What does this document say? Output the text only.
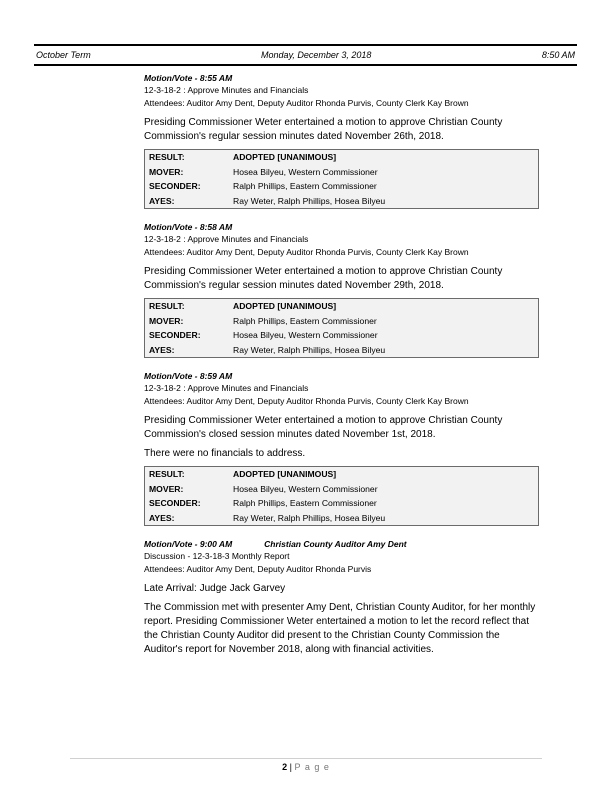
October Term	Monday, December 3, 2018	8:50 AM
Motion/Vote - 8:55 AM
12-3-18-2 : Approve Minutes and Financials
Attendees: Auditor Amy Dent, Deputy Auditor Rhonda Purvis, County Clerk Kay Brown
Presiding Commissioner Weter entertained a motion to approve Christian County Commission's regular session minutes dated November 26th, 2018.
RESULT:	ADOPTED [UNANIMOUS]
MOVER:	Hosea Bilyeu, Western Commissioner
SECONDER:	Ralph Phillips, Eastern Commissioner
AYES:	Ray Weter, Ralph Phillips, Hosea Bilyeu
Motion/Vote - 8:58 AM
12-3-18-2 : Approve Minutes and Financials
Attendees: Auditor Amy Dent, Deputy Auditor Rhonda Purvis, County Clerk Kay Brown
Presiding Commissioner Weter entertained a motion to approve Christian County Commission's regular session minutes dated November 29th, 2018.
RESULT:	ADOPTED [UNANIMOUS]
MOVER:	Ralph Phillips, Eastern Commissioner
SECONDER:	Hosea Bilyeu, Western Commissioner
AYES:	Ray Weter, Ralph Phillips, Hosea Bilyeu
Motion/Vote - 8:59 AM
12-3-18-2 : Approve Minutes and Financials
Attendees: Auditor Amy Dent, Deputy Auditor Rhonda Purvis, County Clerk Kay Brown
Presiding Commissioner Weter entertained a motion to approve Christian County Commission's closed session minutes dated November 1st, 2018.
There were no financials to address.
RESULT:	ADOPTED [UNANIMOUS]
MOVER:	Hosea Bilyeu, Western Commissioner
SECONDER:	Ralph Phillips, Eastern Commissioner
AYES:	Ray Weter, Ralph Phillips, Hosea Bilyeu
Motion/Vote - 9:00 AM	Christian County Auditor Amy Dent
Discussion - 12-3-18-3 Monthly Report
Attendees: Auditor Amy Dent, Deputy Auditor Rhonda Purvis
Late Arrival: Judge Jack Garvey
The Commission met with presenter Amy Dent, Christian County Auditor, for her monthly report. Presiding Commissioner Weter entertained a motion to let the record reflect that the Christian County Auditor did present to the Christian County Commission the Auditor's report for November 2018, along with financial activities.
2 | P a g e
